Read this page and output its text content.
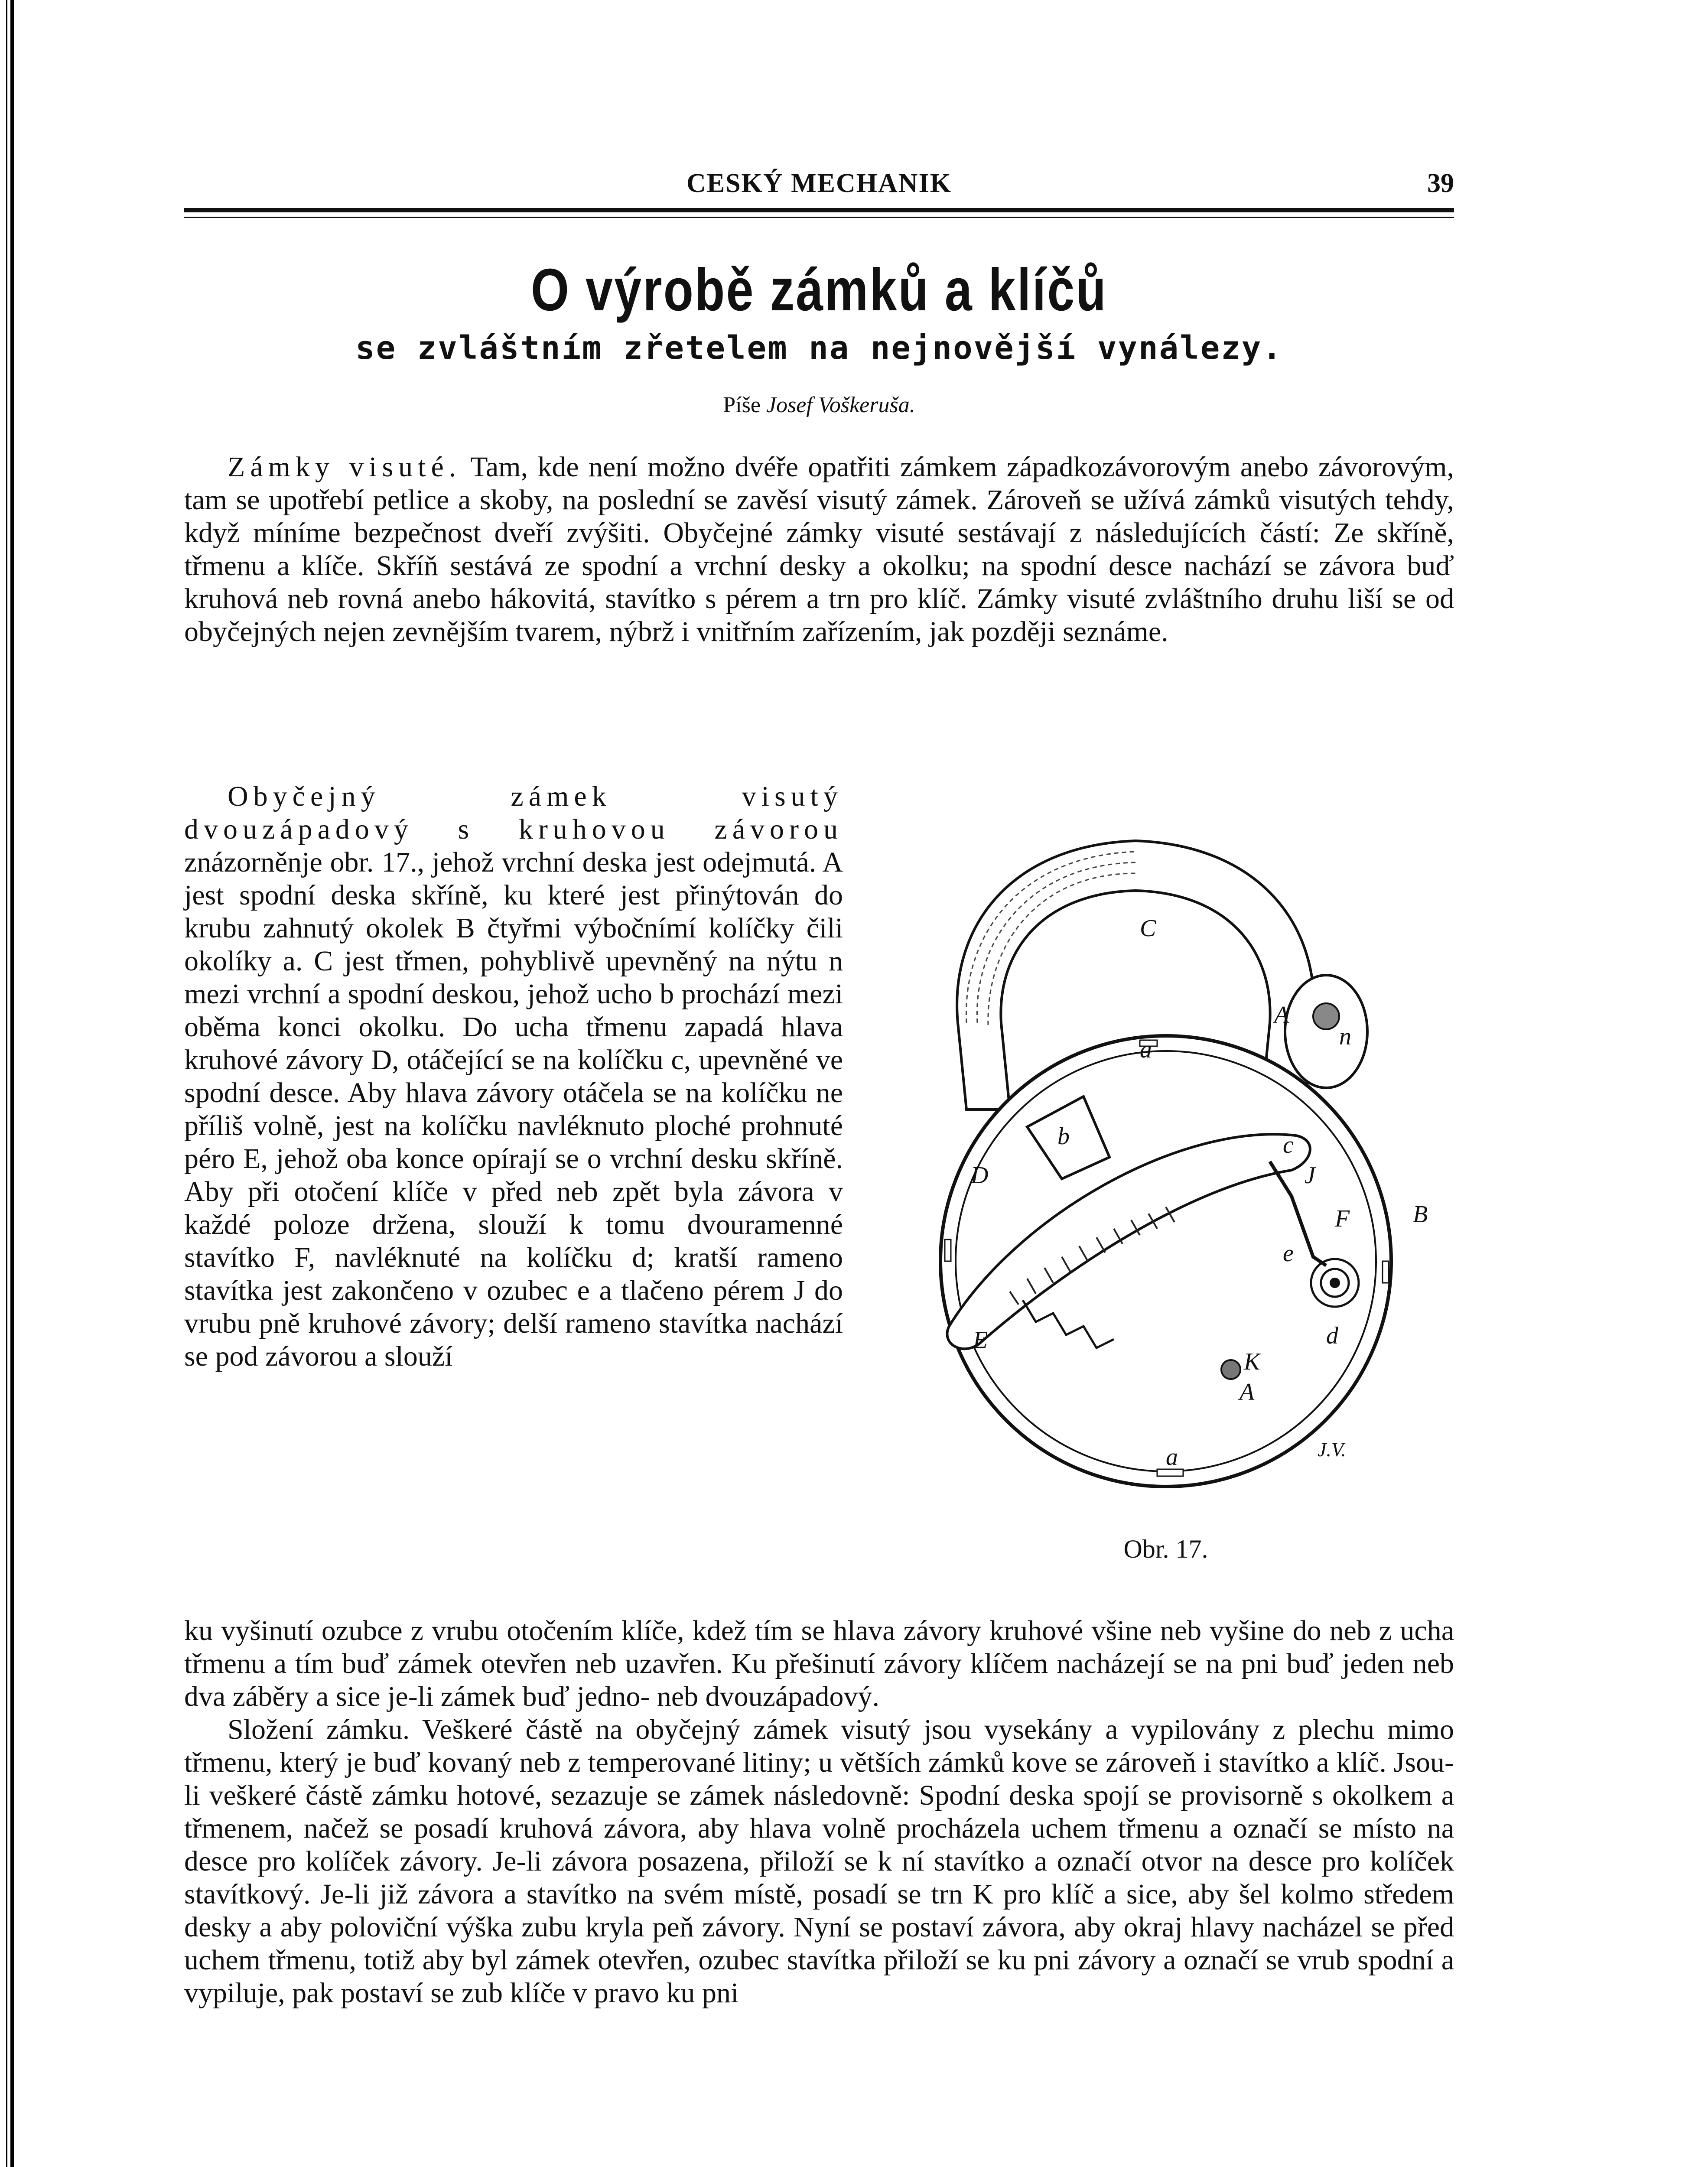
CESKÝ MECHANIK	39
O výrobě zámků a klíčů
se zvláštním zřetelem na nejnovější vynálezy.
Píše Josef Voškeruša.

Zámky visuté. Tam, kde není možno dvéře opatřiti zámkem západkozávorovým anebo závorovým, tam se upotřebí petlice a skoby, na poslední se zavěsí visutý zámek. Zároveň se užívá zámků visutých tehdy, když míníme bezpečnost dveří zvýšiti. Obyčejné zámky visuté sestávají z následujících částí: Ze skříně, třmenu a klíče. Skříň sestává ze spodní a vrchní desky a okolku; na spodní desce nachází se závora buď kruhová neb rovná anebo hákovitá, stavítko s pérem a trn pro klíč. Zámky visuté zvláštního druhu liší se od obyčejných nejen zevnějším tvarem, nýbrž i vnitřním zařízením, jak později seznáme.

Obyčejný zámek visutý dvouzápadový s kruhovou závorou znázorněnje obr. 17., jehož vrchní deska jest odejmutá. A jest spodní deska skříně, ku které jest přinýtován do krubu zahnutý okolek B čtyřmi výbočnímí kolíčky čili okolíky a. C jest třmen, pohyblivě upevněný na nýtu n mezi vrchní a spodní deskou, jehož ucho b prochází mezi oběma konci okolku. Do ucha třmenu zapadá hlava kruhové závory D, otáčející se na kolíčku c, upevněné ve spodní desce. Aby hlava závory otáčela se na kolíčku ne příliš volně, jest na kolíčku navléknuto ploché prohnuté péro E, jehož oba konce opírají se o vrchní desku skříně. Aby při otočení klíče v před neb zpět byla závora v každé poloze držena, slouží k tomu dvouramenné stavítko F, navléknuté na kolíčku d; kratší rameno stavítka jest zakončeno v ozubec e a tlačeno pérem J do vrubu pně kruhové závory; delší rameno stavítka nachází se pod závorou a slouží

C
A
n
a
b
D
c
J
B
F
e
E	d
K
A
a	J.V.
Obr. 17.

ku vyšinutí ozubce z vrubu otočením klíče, kdež tím se hlava závory kruhové všine neb vyšine do neb z ucha třmenu a tím buď zámek otevřen neb uzavřen. Ku přešinutí závory klíčem nacházejí se na pni buď jeden neb dva záběry a sice je-li zámek buď jedno- neb dvouzápadový.

Složení zámku. Veškeré částě na obyčejný zámek visutý jsou vysekány a vypilovány z plechu mimo třmenu, který je buď kovaný neb z temperované litiny; u větších zámků kove se zároveň i stavítko a klíč. Jsou-li veškeré částě zámku hotové, sezazuje se zámek následovně: Spodní deska spojí se provisorně s okolkem a třmenem, načež se posadí kruhová závora, aby hlava volně procházela uchem třmenu a označí se místo na desce pro kolíček závory. Je-li závora posazena, přiloží se k ní stavítko a označí otvor na desce pro kolíček stavítkový. Je-li již závora a stavítko na svém místě, posadí se trn K pro klíč a sice, aby šel kolmo středem desky a aby poloviční výška zubu kryla peň závory. Nyní se postaví závora, aby okraj hlavy nacházel se před uchem třmenu, totiž aby byl zámek otevřen, ozubec stavítka přiloží se ku pni závory a označí se vrub spodní a vypiluje, pak postaví se zub klíče v pravo ku pni
